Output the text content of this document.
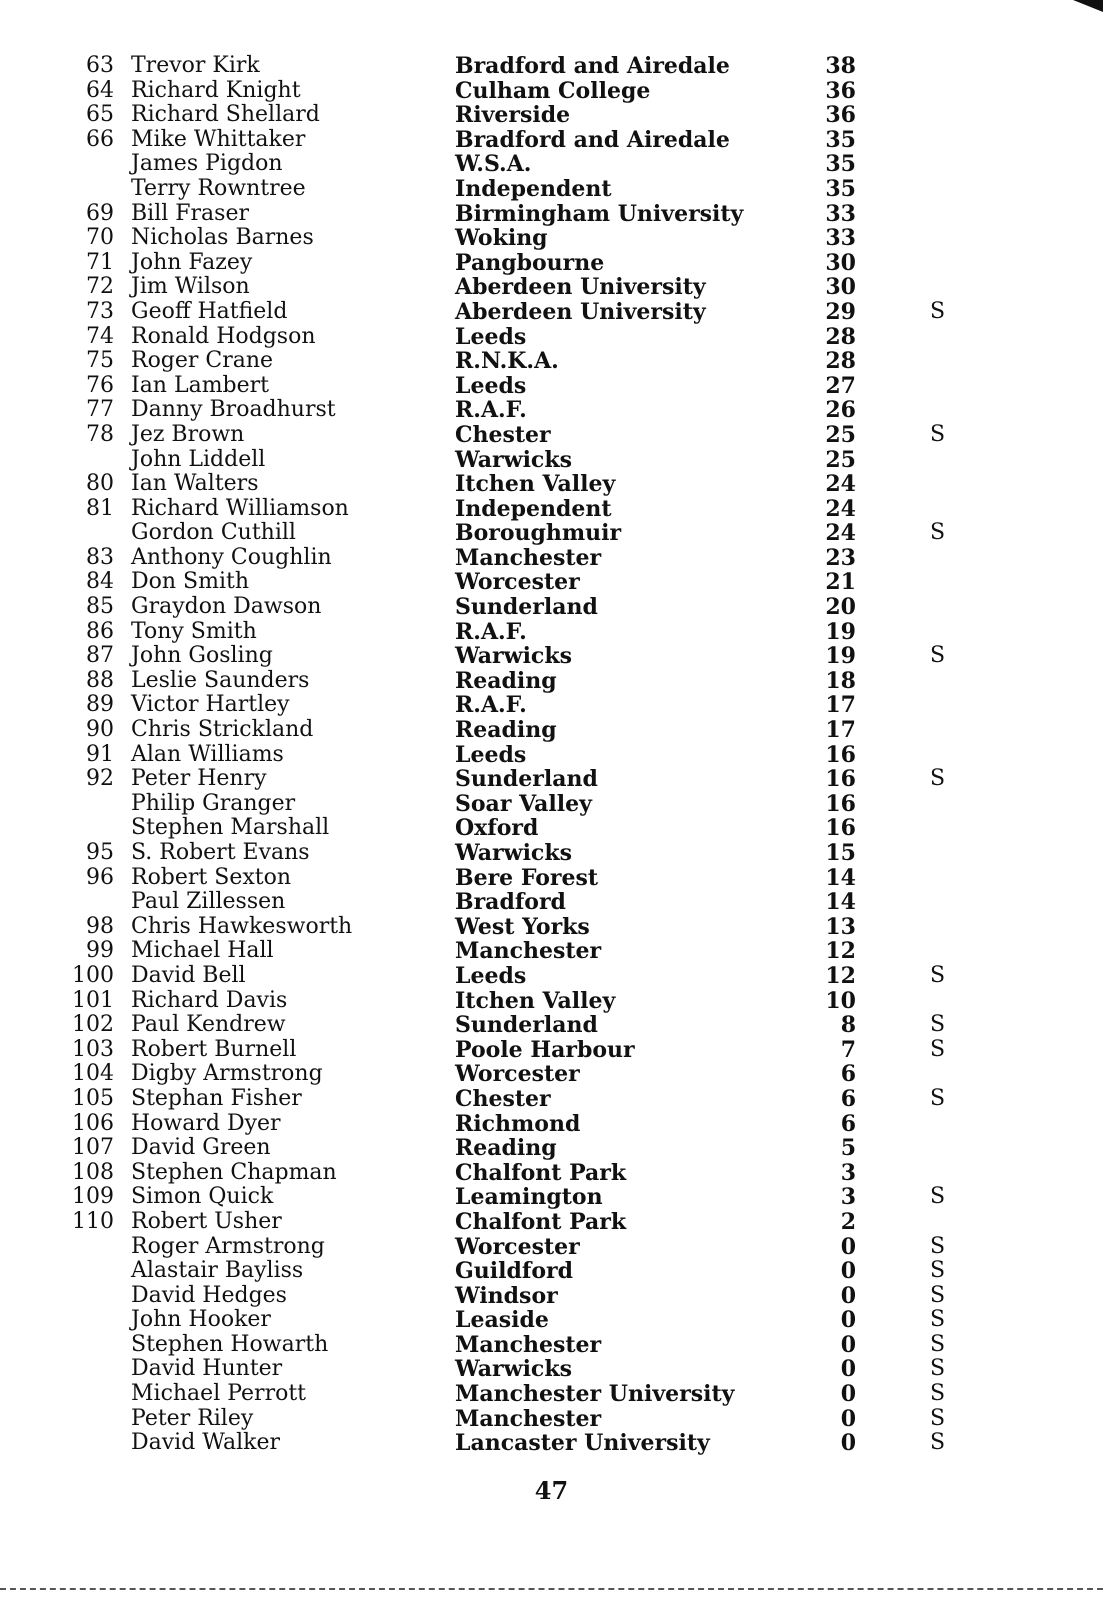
63 Trevor Kirk	Bradford and Airedale	38
64 Richard Knight	Culham College	36
65 Richard Shellard	Riverside	36
66 Mike Whittaker	Bradford and Airedale	35
James Pigdon	W.S.A.	35
Terry Rowntree	Independent	35
69 Bill Fraser	Birmingham University	33
70 Nicholas Barnes	Woking	33
71 John Fazey	Pangbourne	30
72 Jim Wilson	Aberdeen University	30
73 Geoff Hatfield	Aberdeen University	29	S
74 Ronald Hodgson	Leeds	28
75 Roger Crane	R.N.K.A.	28
76 Ian Lambert	Leeds	27
77 Danny Broadhurst	R.A.F.	26
78 Jez Brown	Chester	25	S
John Liddell	Warwicks	25
80 Ian Walters	Itchen Valley	24
81 Richard Williamson	Independent	24
Gordon Cuthill	Boroughmuir	24	S
83 Anthony Coughlin	Manchester	23
84 Don Smith	Worcester	21
85 Graydon Dawson	Sunderland	20
86 Tony Smith	R.A.F.	19
87 John Gosling	Warwicks	19	S
88 Leslie Saunders	Reading	18
89 Victor Hartley	R.A.F.	17
90 Chris Strickland	Reading	17
91 Alan Williams	Leeds	16
92 Peter Henry	Sunderland	16	S
Philip Granger	Soar Valley	16
Stephen Marshall	Oxford	16
95 S. Robert Evans	Warwicks	15
96 Robert Sexton	Bere Forest	14
Paul Zillessen	Bradford	14
98 Chris Hawkesworth	West Yorks	13
99 Michael Hall	Manchester	12
100 David Bell	Leeds	12	S
101 Richard Davis	Itchen Valley	10
102 Paul Kendrew	Sunderland	8	S
103 Robert Burnell	Poole Harbour	7	S
104 Digby Armstrong	Worcester	6
105 Stephan Fisher	Chester	6	S
106 Howard Dyer	Richmond	6
107 David Green	Reading	5
108 Stephen Chapman	Chalfont Park	3
109 Simon Quick	Leamington	3	S
110 Robert Usher	Chalfont Park	2
Roger Armstrong	Worcester	0	S
Alastair Bayliss	Guildford	0	S
David Hedges	Windsor	0	S
John Hooker	Leaside	0	S
Stephen Howarth	Manchester	0	S
David Hunter	Warwicks	0	S
Michael Perrott	Manchester University	0	S
Peter Riley	Manchester	0	S
David Walker	Lancaster University	0	S
47
